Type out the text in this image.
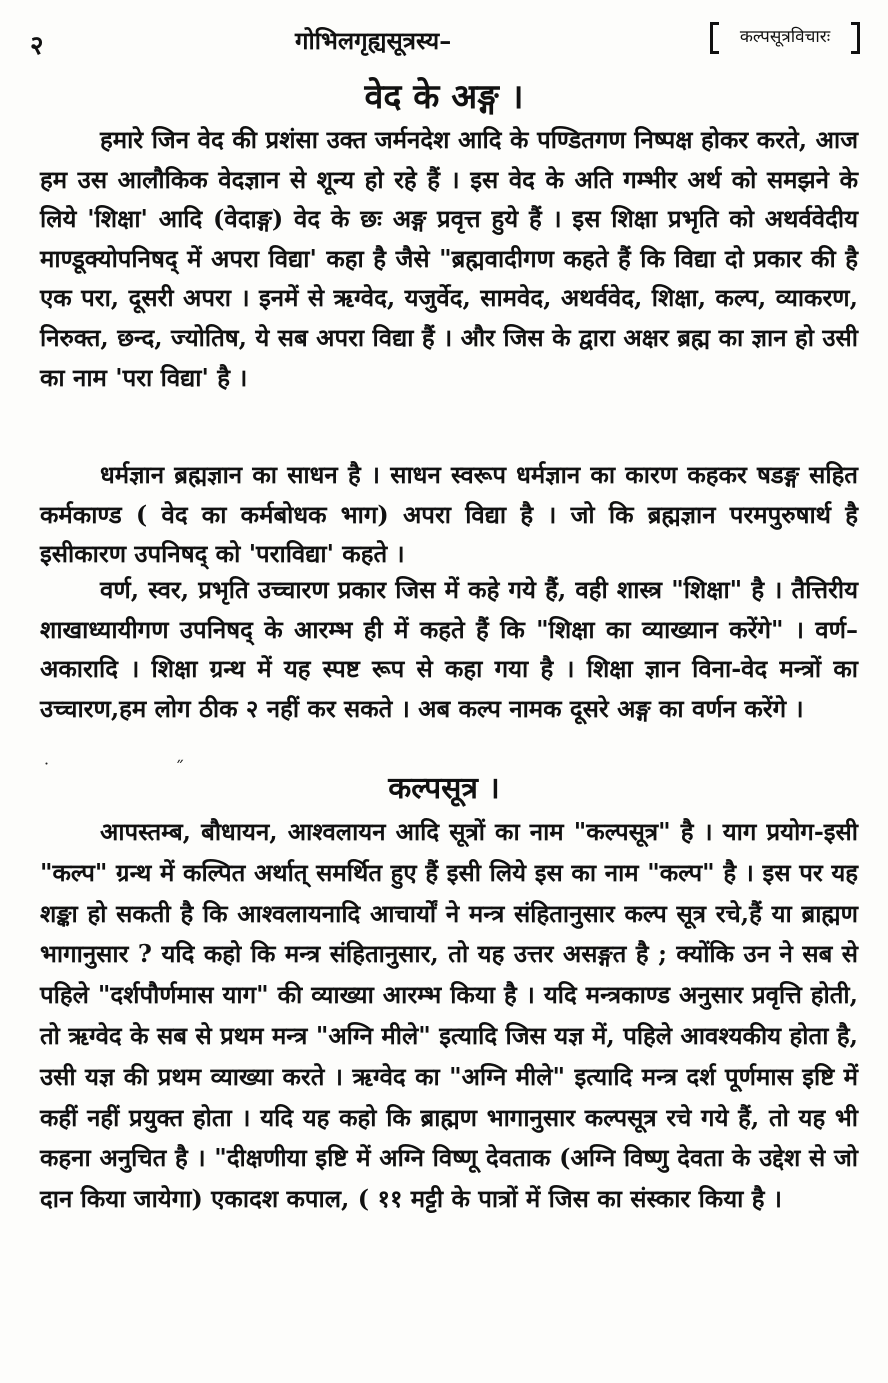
२	गोभिलगृह्यसूत्रस्य–	कल्पसूत्रविचारः
वेद के अङ्ग ।

हमारे जिन वेद की प्रशंसा उक्त जर्मनदेश आदि के पण्डितगण निष्पक्ष होकर करते, आज हम उस आलौकिक वेदज्ञान से शून्य हो रहे हैं । इस वेद के अति गम्भीर अर्थ को समझने के लिये 'शिक्षा' आदि (वेदाङ्ग) वेद के छः अङ्ग प्रवृत्त हुये हैं । इस शिक्षा प्रभृति को अथर्ववेदीय माण्डूक्योपनिषद् में अपरा विद्या' कहा है जैसे "ब्रह्मवादीगण कहते हैं कि विद्या दो प्रकार की है एक परा, दूसरी अपरा । इनमें से ऋग्वेद, यजुर्वेद, सामवेद, अथर्ववेद, शिक्षा, कल्प, व्याकरण, निरुक्त, छन्द, ज्योतिष, ये सब अपरा विद्या हैं । और जिस के द्वारा अक्षर ब्रह्म का ज्ञान हो उसी का नाम 'परा विद्या' है ।

धर्मज्ञान ब्रह्मज्ञान का साधन है । साधन स्वरूप धर्मज्ञान का कारण कहकर षडङ्ग सहित कर्मकाण्ड ( वेद का कर्मबोधक भाग) अपरा विद्या है । जो कि ब्रह्मज्ञान परमपुरुषार्थ है इसीकारण उपनिषद् को 'पराविद्या' कहते ।

वर्ण, स्वर, प्रभृति उच्चारण प्रकार जिस में कहे गये हैं, वही शास्त्र "शिक्षा" है । तैत्तिरीय शाखाध्यायीगण उपनिषद् के आरम्भ ही में कहते हैं कि "शिक्षा का व्याख्यान करेंगे" । वर्ण–अकारादि । शिक्षा ग्रन्थ में यह स्पष्ट रूप से कहा गया है । शिक्षा ज्ञान विना-वेद मन्त्रों का उच्चारण,हम लोग ठीक २ नहीं कर सकते । अब कल्प नामक दूसरे अङ्ग का वर्णन करेंगे ।

˙	˝
कल्पसूत्र ।

आपस्तम्ब, बौधायन, आश्वलायन आदि सूत्रों का नाम "कल्पसूत्र" है । याग प्रयोग-इसी "कल्प" ग्रन्थ में कल्पित अर्थात् समर्थित हुए हैं इसी लिये इस का नाम "कल्प" है । इस पर यह शङ्का हो सकती है कि आश्वलायनादि आचार्यों ने मन्त्र संहितानुसार कल्प सूत्र रचे,हैं या ब्राह्मण भागानुसार ? यदि कहो कि मन्त्र संहितानुसार, तो यह उत्तर असङ्गत है ; क्योंकि उन ने सब से पहिले "दर्शपौर्णमास याग" की व्याख्या आरम्भ किया है । यदि मन्त्रकाण्ड अनुसार प्रवृत्ति होती, तो ऋग्वेद के सब से प्रथम मन्त्र "अग्नि मीले" इत्यादि जिस यज्ञ में, पहिले आवश्यकीय होता है, उसी यज्ञ की प्रथम व्याख्या करते । ऋग्वेद का "अग्नि मीले" इत्यादि मन्त्र दर्श पूर्णमास इष्टि में कहीं नहीं प्रयुक्त होता । यदि यह कहो कि ब्राह्मण भागानुसार कल्पसूत्र रचे गये हैं, तो यह भी कहना अनुचित है । "दीक्षणीया इष्टि में अग्नि विष्णू देवताक (अग्नि विष्णु देवता के उद्देश से जो दान किया जायेगा) एकादश कपाल, ( ११ मट्टी के पात्रों में जिस का संस्कार किया है ।
